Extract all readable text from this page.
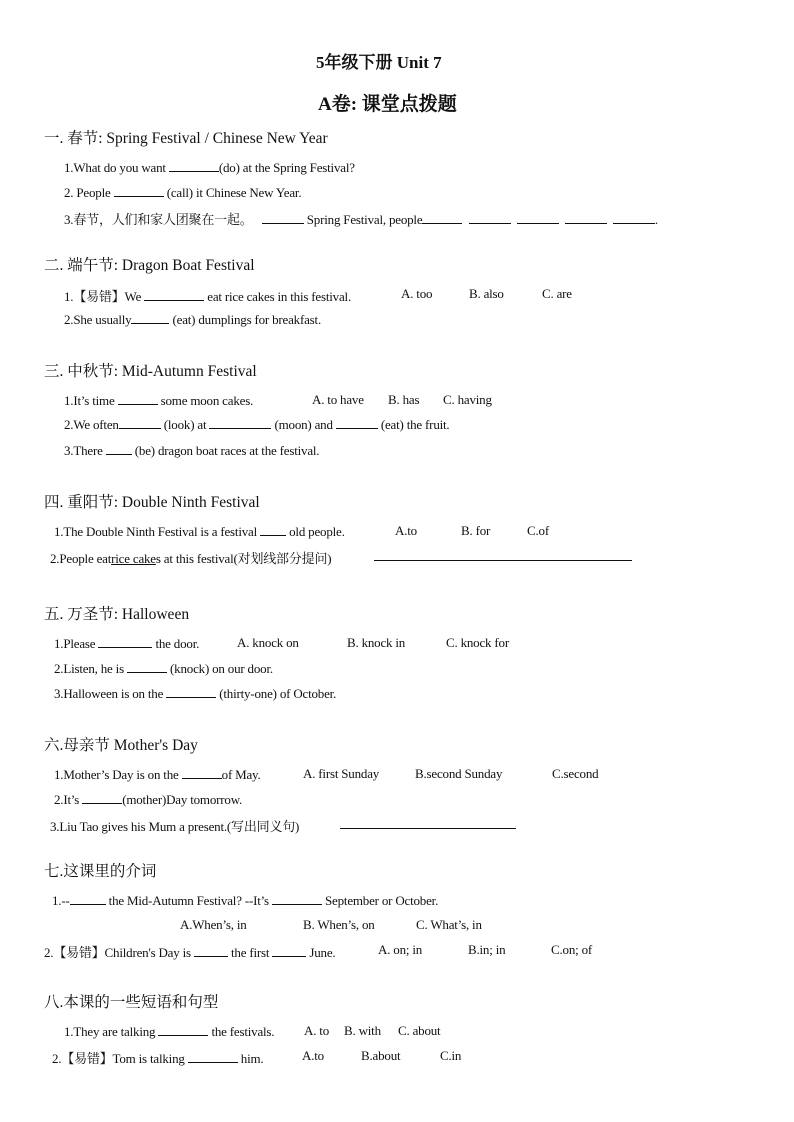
5年级下册 Unit 7
A卷: 课堂点拨题
一. 春节: Spring Festival / Chinese New Year
1.What do you want	(do) at the Spring Festival?
2. People	(call) it Chinese New Year.
3.春节，人们和家人团聚在一起。	Spring Festival, people	.
二. 端午节: Dragon Boat Festival
1.【易错】We	eat rice cakes in this festival.	A. too	B. also	C. are
2.She usually	(eat) dumplings for breakfast.
三. 中秋节: Mid-Autumn Festival
1.It’s time	some moon cakes.	A. to have B. has C. having
2.We often	(look) at	(moon) and	(eat) the fruit.
3.There  (be) dragon boat races at the festival.
四. 重阳节: Double Ninth Festival
1.The Double Ninth Festival is a festival  old people.	A.to	B. for	C.of
2.People eatrice cakes at this festival(对划线部分提问)
五. 万圣节: Halloween
1.Please	the door.	A. knock on	B. knock in	C. knock for
2.Listen, he is	(knock) on our door.
3.Halloween is on the	(thirty-one) of October.
六.母亲节 Mother's Day
1.Mother’s Day is on the	of May.	A. first Sunday	B.second Sunday	C.second
2.It’s	(mother)Day tomorrow.
3.Liu Tao gives his Mum a present.(写出同义句)
七.这课里的介词
1.--	the Mid-Autumn Festival? --It’s	September or October.
A.When’s, in	B. When’s, on	C. What’s, in
2.【易错】Children's Day is	the first	June.	A. on; in	B.in; in	C.on; of
八.本课的一些短语和句型
1.They are talking	the festivals. A. to B. with C. about
2.【易错】Tom is talking	him.	A.to	B.about	C.in
